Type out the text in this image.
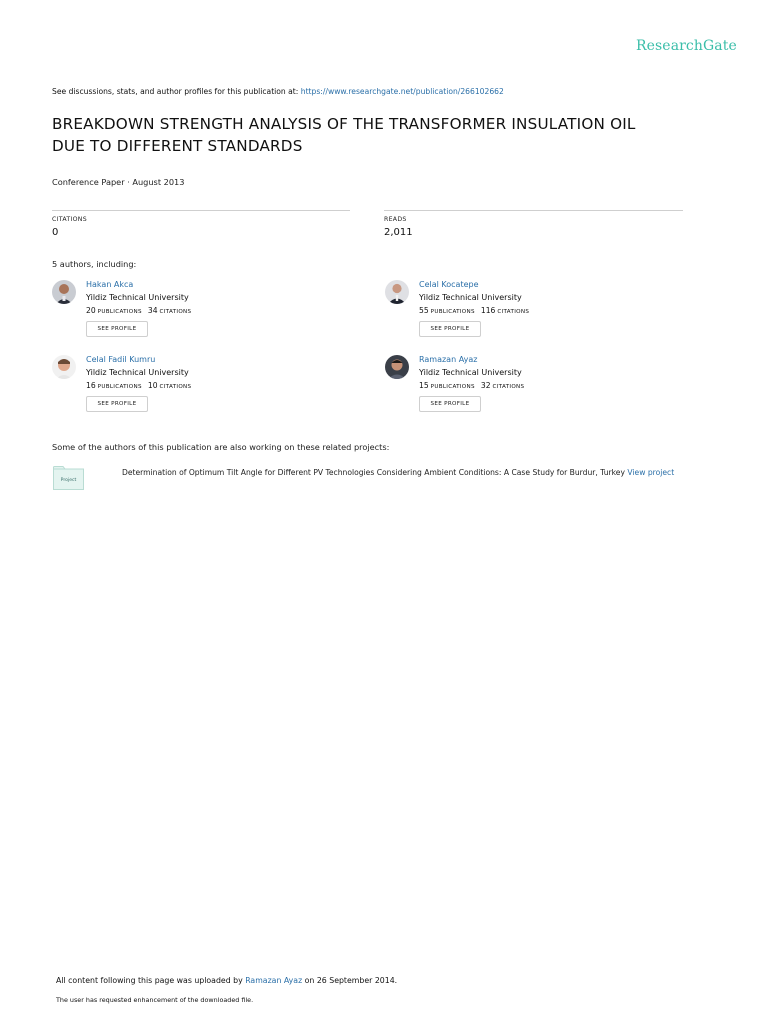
ResearchGate
See discussions, stats, and author profiles for this publication at: https://www.researchgate.net/publication/266102662
BREAKDOWN STRENGTH ANALYSIS OF THE TRANSFORMER INSULATION OIL
DUE TO DIFFERENT STANDARDS
Conference Paper · August 2013
CITATIONS
0
READS
2,011
5 authors, including:
Hakan Akca
Yildiz Technical University
20 PUBLICATIONS 34 CITATIONS
SEE PROFILE
Celal Kocatepe
Yildiz Technical University
55 PUBLICATIONS 116 CITATIONS
SEE PROFILE
Celal Fadil Kumru
Yildiz Technical University
16 PUBLICATIONS 10 CITATIONS
SEE PROFILE
Ramazan Ayaz
Yildiz Technical University
15 PUBLICATIONS 32 CITATIONS
SEE PROFILE
Some of the authors of this publication are also working on these related projects:
Project
Determination of Optimum Tilt Angle for Different PV Technologies Considering Ambient Conditions: A Case Study for Burdur, Turkey View project
All content following this page was uploaded by Ramazan Ayaz on 26 September 2014.
The user has requested enhancement of the downloaded file.
